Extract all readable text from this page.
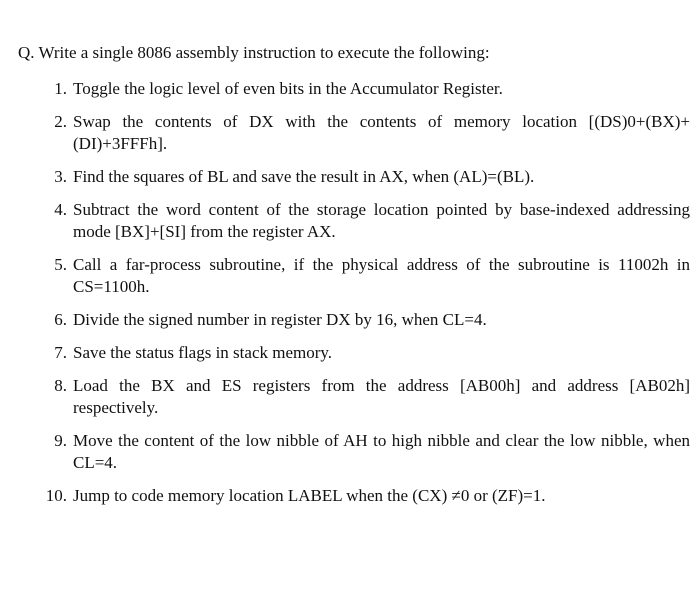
Q. Write a single 8086 assembly instruction to execute the following:
1. Toggle the logic level of even bits in the Accumulator Register.
2. Swap the contents of DX with the contents of memory location [(DS)0+(BX)+(DI)+3FFFh].
3. Find the squares of BL and save the result in AX, when (AL)=(BL).
4. Subtract the word content of the storage location pointed by base-indexed addressing mode [BX]+[SI] from the register AX.
5. Call a far-process subroutine, if the physical address of the subroutine is 11002h in CS=1100h.
6. Divide the signed number in register DX by 16, when CL=4.
7. Save the status flags in stack memory.
8. Load the BX and ES registers from the address [AB00h] and address [AB02h] respectively.
9. Move the content of the low nibble of AH to high nibble and clear the low nibble, when CL=4.
10. Jump to code memory location LABEL when the (CX) ≠0 or (ZF)=1.
